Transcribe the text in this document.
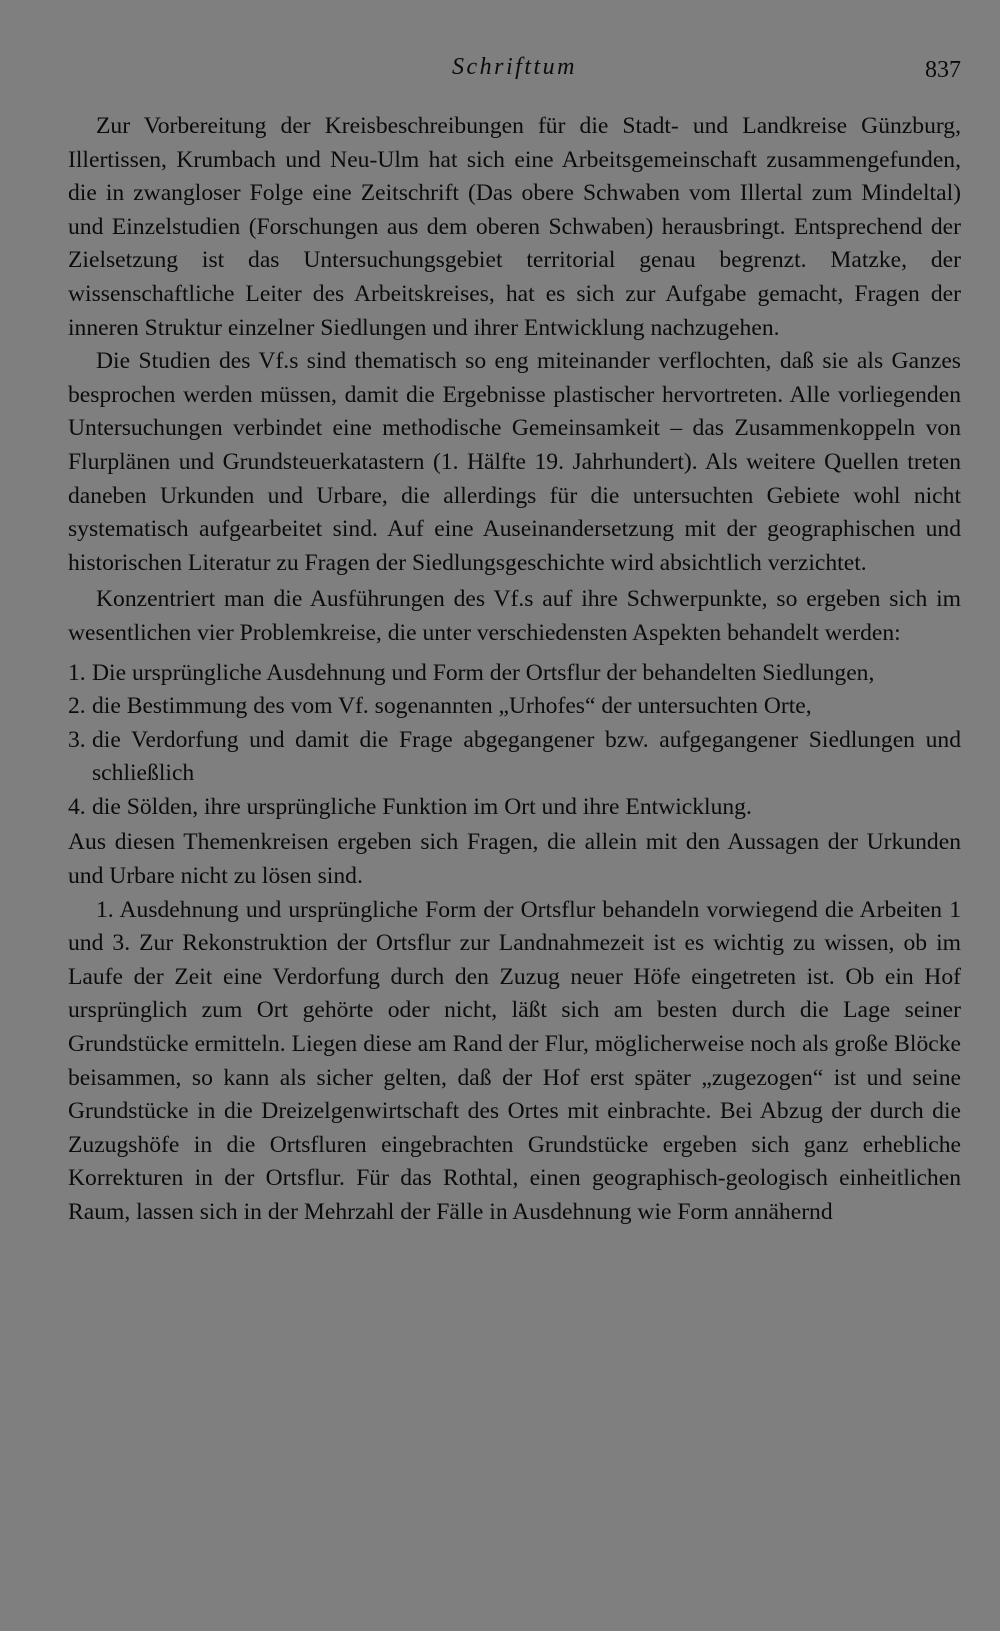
Schrifttum	837

Zur Vorbereitung der Kreisbeschreibungen für die Stadt- und Landkreise Günzburg, Illertissen, Krumbach und Neu-Ulm hat sich eine Arbeitsgemeinschaft zusammengefunden, die in zwangloser Folge eine Zeitschrift (Das obere Schwaben vom Illertal zum Mindeltal) und Einzelstudien (Forschungen aus dem oberen Schwaben) herausbringt. Entsprechend der Zielsetzung ist das Untersuchungsgebiet territorial genau begrenzt. Matzke, der wissenschaftliche Leiter des Arbeitskreises, hat es sich zur Aufgabe gemacht, Fragen der inneren Struktur einzelner Siedlungen und ihrer Entwicklung nachzugehen.

Die Studien des Vf.s sind thematisch so eng miteinander verflochten, daß sie als Ganzes besprochen werden müssen, damit die Ergebnisse plastischer hervortreten. Alle vorliegenden Untersuchungen verbindet eine methodische Gemeinsamkeit – das Zusammenkoppeln von Flurplänen und Grundsteuerkatastern (1. Hälfte 19. Jahrhundert). Als weitere Quellen treten daneben Urkunden und Urbare, die allerdings für die untersuchten Gebiete wohl nicht systematisch aufgearbeitet sind. Auf eine Auseinandersetzung mit der geographischen und historischen Literatur zu Fragen der Siedlungsgeschichte wird absichtlich verzichtet.

Konzentriert man die Ausführungen des Vf.s auf ihre Schwerpunkte, so ergeben sich im wesentlichen vier Problemkreise, die unter verschiedensten Aspekten behandelt werden:

1. Die ursprüngliche Ausdehnung und Form der Ortsflur der behandelten Siedlungen,
2. die Bestimmung des vom Vf. sogenannten „Urhofes“ der untersuchten Orte,
3. die Verdorfung und damit die Frage abgegangener bzw. aufgegangener Siedlungen und schließlich
4. die Sölden, ihre ursprüngliche Funktion im Ort und ihre Entwicklung.

Aus diesen Themenkreisen ergeben sich Fragen, die allein mit den Aussagen der Urkunden und Urbare nicht zu lösen sind.

1. Ausdehnung und ursprüngliche Form der Ortsflur behandeln vorwiegend die Arbeiten 1 und 3. Zur Rekonstruktion der Ortsflur zur Landnahmezeit ist es wichtig zu wissen, ob im Laufe der Zeit eine Verdorfung durch den Zuzug neuer Höfe eingetreten ist. Ob ein Hof ursprünglich zum Ort gehörte oder nicht, läßt sich am besten durch die Lage seiner Grundstücke ermitteln. Liegen diese am Rand der Flur, möglicherweise noch als große Blöcke beisammen, so kann als sicher gelten, daß der Hof erst später „zugezogen“ ist und seine Grundstücke in die Dreizelgenwirtschaft des Ortes mit einbrachte. Bei Abzug der durch die Zuzugshöfe in die Ortsfluren eingebrachten Grundstücke ergeben sich ganz erhebliche Korrekturen in der Ortsflur. Für das Rothtal, einen geographisch-geologisch einheitlichen Raum, lassen sich in der Mehrzahl der Fälle in Ausdehnung wie Form annähernd
